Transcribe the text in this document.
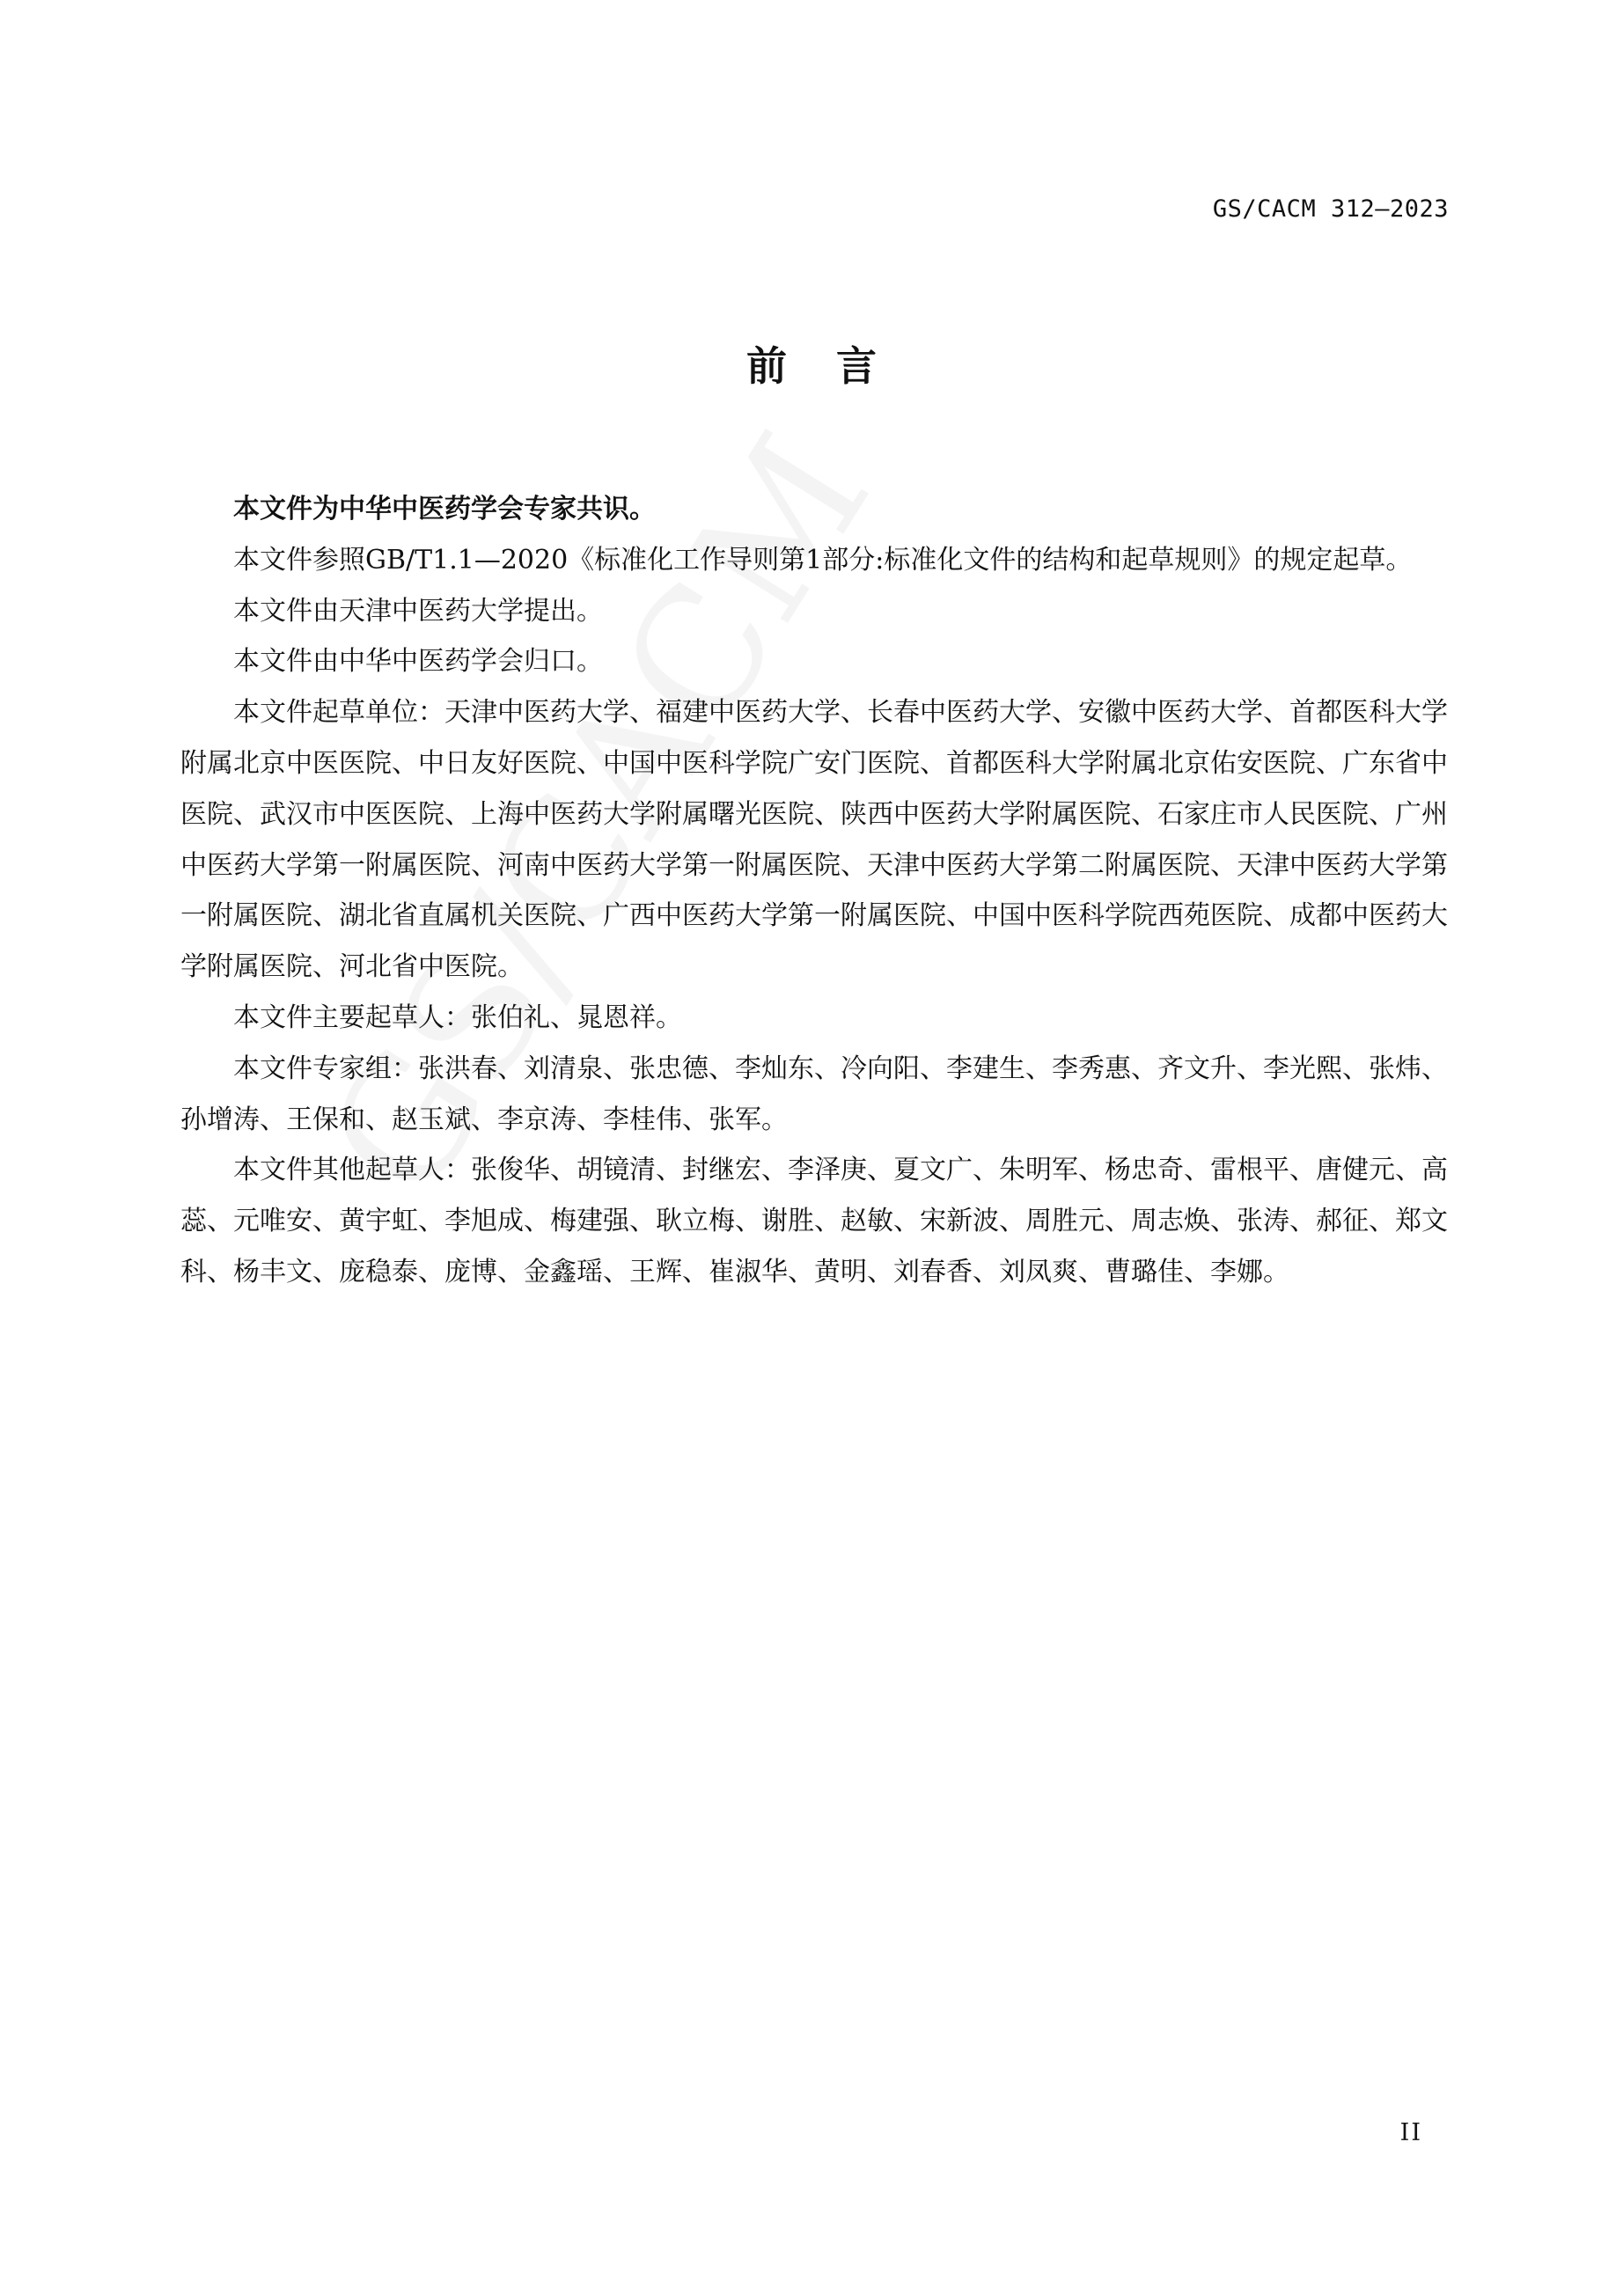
GS/CACM 312—2023
前言

本文件为中华中医药学会专家共识。

本文件参照GB/T1.1—2020《标准化工作导则第1部分:标准化文件的结构和起草规则》的规定起草。

本文件由天津中医药大学提出。

本文件由中华中医药学会归口。

本文件起草单位：天津中医药大学、福建中医药大学、长春中医药大学、安徽中医药大学、首都医科大学附属北京中医医院、中日友好医院、中国中医科学院广安门医院、首都医科大学附属北京佑安医院、广东省中医院、武汉市中医医院、上海中医药大学附属曙光医院、陕西中医药大学附属医院、石家庄市人民医院、广州中医药大学第一附属医院、河南中医药大学第一附属医院、天津中医药大学第二附属医院、天津中医药大学第一附属医院、湖北省直属机关医院、广西中医药大学第一附属医院、中国中医科学院西苑医院、成都中医药大学附属医院、河北省中医院。

本文件主要起草人：张伯礼、晁恩祥。

本文件专家组：张洪春、刘清泉、张忠德、李灿东、冷向阳、李建生、李秀惠、齐文升、李光熙、张炜、孙增涛、王保和、赵玉斌、李京涛、李桂伟、张军。

本文件其他起草人：张俊华、胡镜清、封继宏、李泽庚、夏文广、朱明军、杨忠奇、雷根平、唐健元、高蕊、元唯安、黄宇虹、李旭成、梅建强、耿立梅、谢胜、赵敏、宋新波、周胜元、周志焕、张涛、郝征、郑文科、杨丰文、庞稳泰、庞博、金鑫瑶、王辉、崔淑华、黄明、刘春香、刘凤爽、曹璐佳、李娜。

II
